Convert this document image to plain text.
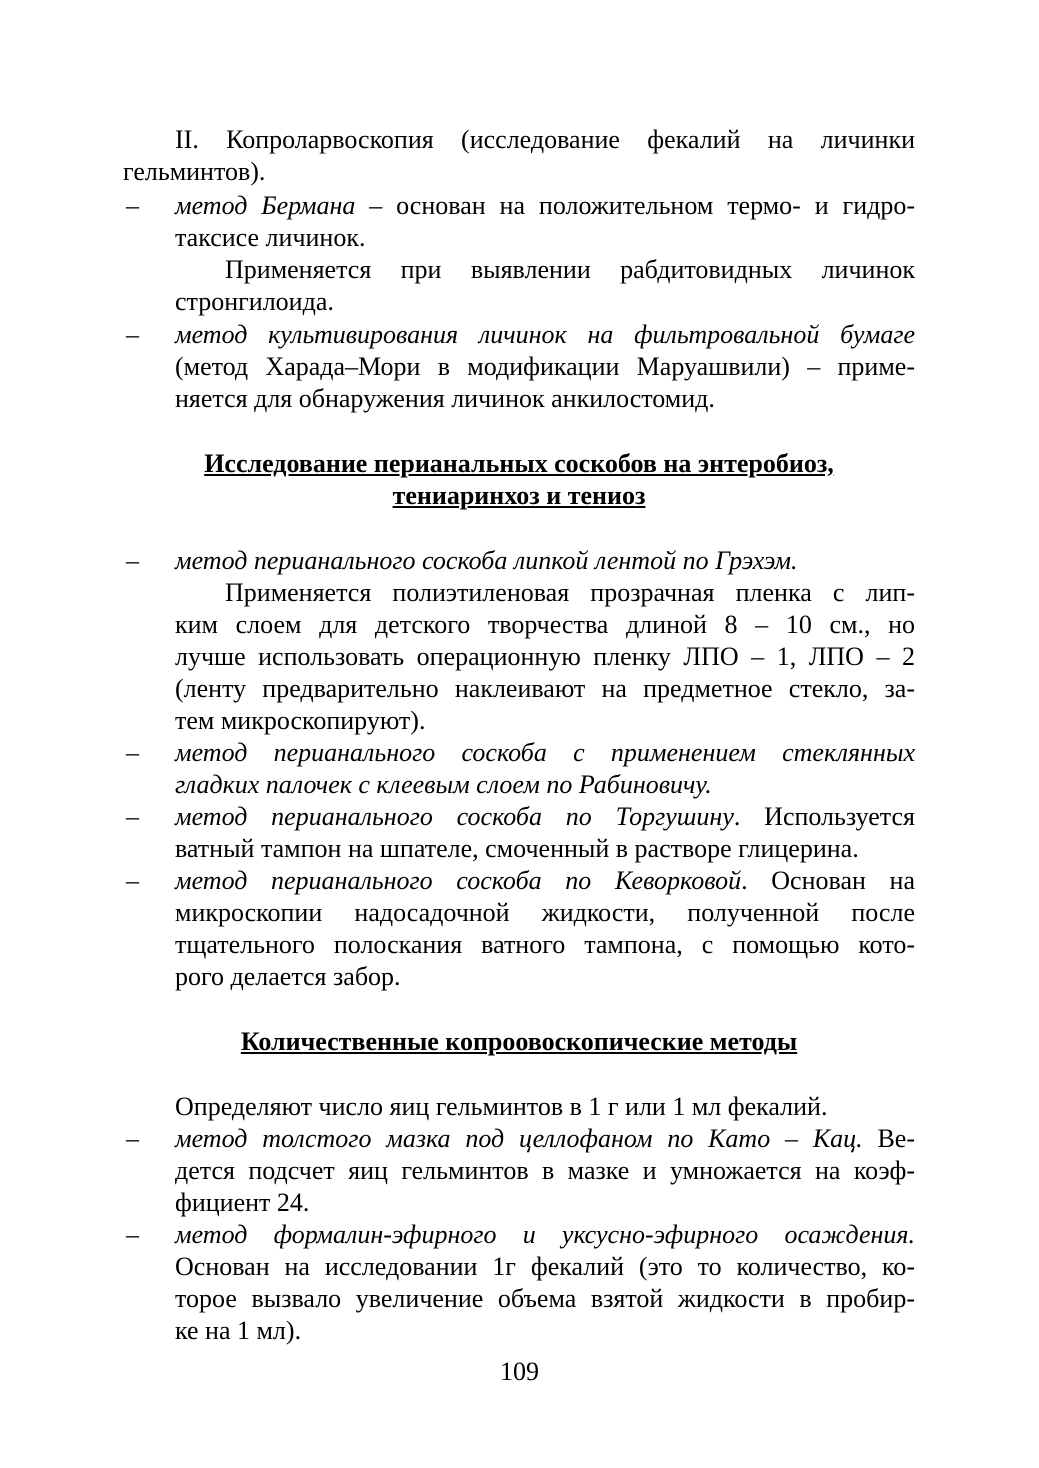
II. Копроларвоскопия (исследование фекалий на личинки
гельминтов).
– метод Бермана – основан на положительном термо- и гидро-
таксисе личинок.
Применяется при выявлении рабдитовидных личинок
стронгилоида.
– метод культивирования личинок на фильтровальной бумаге
(метод Харада–Мори в модификации Маруашвили) – приме-
няется для обнаружения личинок анкилостомид.
Исследование перианальных соскобов на энтеробиоз,
тениаринхоз и тениоз
– метод перианального соскоба липкой лентой по Грэхэм.
Применяется полиэтиленовая прозрачная пленка с лип-
ким слоем для детского творчества длиной 8 – 10 см., но
лучше использовать операционную пленку ЛПО – 1, ЛПО – 2
(ленту предварительно наклеивают на предметное стекло, за-
тем микроскопируют).
– метод перианального соскоба с применением стеклянных
гладких палочек с клеевым слоем по Рабиновичу.
– метод перианального соскоба по Торгушину. Используется
ватный тампон на шпателе, смоченный в растворе глицерина.
– метод перианального соскоба по Кеворковой. Основан на
микроскопии надосадочной жидкости, полученной после
тщательного полоскания ватного тампона, с помощью кото-
рого делается забор.
Количественные копроовоскопические методы
Определяют число яиц гельминтов в 1 г или 1 мл фекалий.
– метод толстого мазка под целлофаном по Като – Кац. Ве-
дется подсчет яиц гельминтов в мазке и умножается на коэф-
фициент 24.
– метод формалин-эфирного и уксусно-эфирного осаждения.
Основан на исследовании 1г фекалий (это то количество, ко-
торое вызвало увеличение объема взятой жидкости в пробир-
ке на 1 мл).
109
